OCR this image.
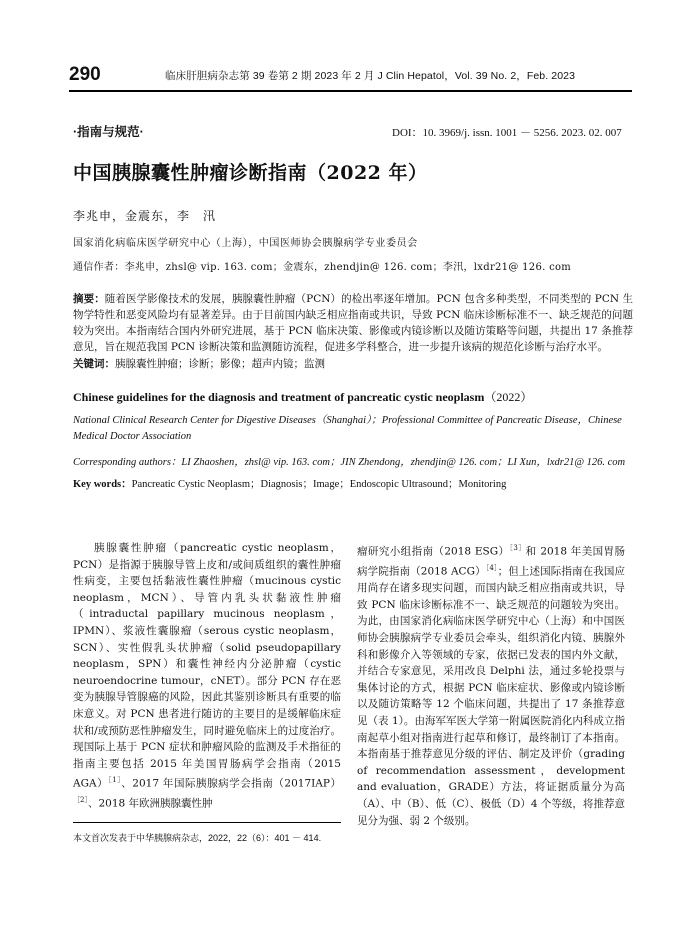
290	临床肝胆病杂志第 39 卷第 2 期 2023 年 2 月 J Clin Hepatol，Vol. 39 No. 2，Feb. 2023
·指南与规范·	DOI：10. 3969/j. issn. 1001 － 5256. 2023. 02. 007
中国胰腺囊性肿瘤诊断指南（2022 年）
李兆申，金震东，李　汛
国家消化病临床医学研究中心（上海），中国医师协会胰腺病学专业委员会
通信作者：李兆申，zhsl@ vip. 163. com；金震东，zhendjin@ 126. com；李汛，lxdr21@ 126. com
摘要：随着医学影像技术的发展，胰腺囊性肿瘤（PCN）的检出率逐年增加。PCN 包含多种类型，不同类型的 PCN 生物学特性和恶变风险均有显著差异。由于目前国内缺乏相应指南或共识，导致 PCN 临床诊断标准不一、缺乏规范的问题较为突出。本指南结合国内外研究进展，基于 PCN 临床决策、影像或内镜诊断以及随访策略等问题，共提出 17 条推荐意见，旨在规范我国 PCN 诊断决策和监测随访流程，促进多学科整合，进一步提升该病的规范化诊断与治疗水平。
关键词：胰腺囊性肿瘤；诊断；影像；超声内镜；监测
Chinese guidelines for the diagnosis and treatment of pancreatic cystic neoplasm（2022）
National Clinical Research Center for Digestive Diseases（Shanghai）；Professional Committee of Pancreatic Disease，Chinese Medical Doctor Association
Corresponding authors：LI Zhaoshen，zhsl@ vip. 163. com；JIN Zhendong，zhendjin@ 126. com；LI Xun，lxdr21@ 126. com
Key words：Pancreatic Cystic Neoplasm；Diagnosis；Image；Endoscopic Ultrasound；Monitoring

胰腺囊性肿瘤（pancreatic cystic neoplasm，PCN）是指源于胰腺导管上皮和/或间质组织的囊性肿瘤性病变，主要包括黏液性囊性肿瘤（mucinous cystic neoplasm，MCN）、导管内乳头状黏液性肿瘤（intraductal papillary mucinous neoplasm，IPMN）、浆液性囊腺瘤（serous cystic neoplasm，SCN）、实性假乳头状肿瘤（solid pseudopapillary neoplasm，SPN）和囊性神经内分泌肿瘤（cystic neuroendocrine tumour，cNET）。部分 PCN 存在恶变为胰腺导管腺癌的风险，因此其鉴别诊断具有重要的临床意义。对 PCN 患者进行随访的主要目的是缓解临床症状和/或预防恶性肿瘤发生，同时避免临床上的过度治疗。现国际上基于 PCN 症状和肿瘤风险的监测及手术指征的指南主要包括 2015 年美国胃肠病学会指南（2015 AGA）$^{[1]}$、2017 年国际胰腺病学会指南$(2017IAP)^{[2]}$、2018 年欧洲胰腺囊性肿

瘤研究小组指南（2018 ESG）$^{[3]}$和 2018 年美国胃肠病学院指南（2018 ACG）$^{[4]}$；但上述国际指南在我国应用尚存在诸多现实问题，而国内缺乏相应指南或共识，导致 PCN 临床诊断标准不一、缺乏规范的问题较为突出。为此，由国家消化病临床医学研究中心（上海）和中国医师协会胰腺病学专业委员会牵头，组织消化内镜、胰腺外科和影像介入等领域的专家，依据已发表的国内外文献，并结合专家意见，采用改良 Delphi 法，通过多轮投票与集体讨论的方式，根据 PCN 临床症状、影像或内镜诊断以及随访策略等 12 个临床问题，共提出了 17 条推荐意见（表 1）。由海军军医大学第一附属医院消化内科成立指南起草小组对指南进行起草和修订，最终制订了本指南。本指南基于推荐意见分级的评估、制定及评价（grading of recommendation assessment，development and evaluation，GRADE）方法，将证据质量分为高（A）、中（B）、低（C）、极低（D）4 个等级，将推荐意见分为强、弱 2 个级别。

本文首次发表于中华胰腺病杂志，2022，22（6）：401 － 414.
